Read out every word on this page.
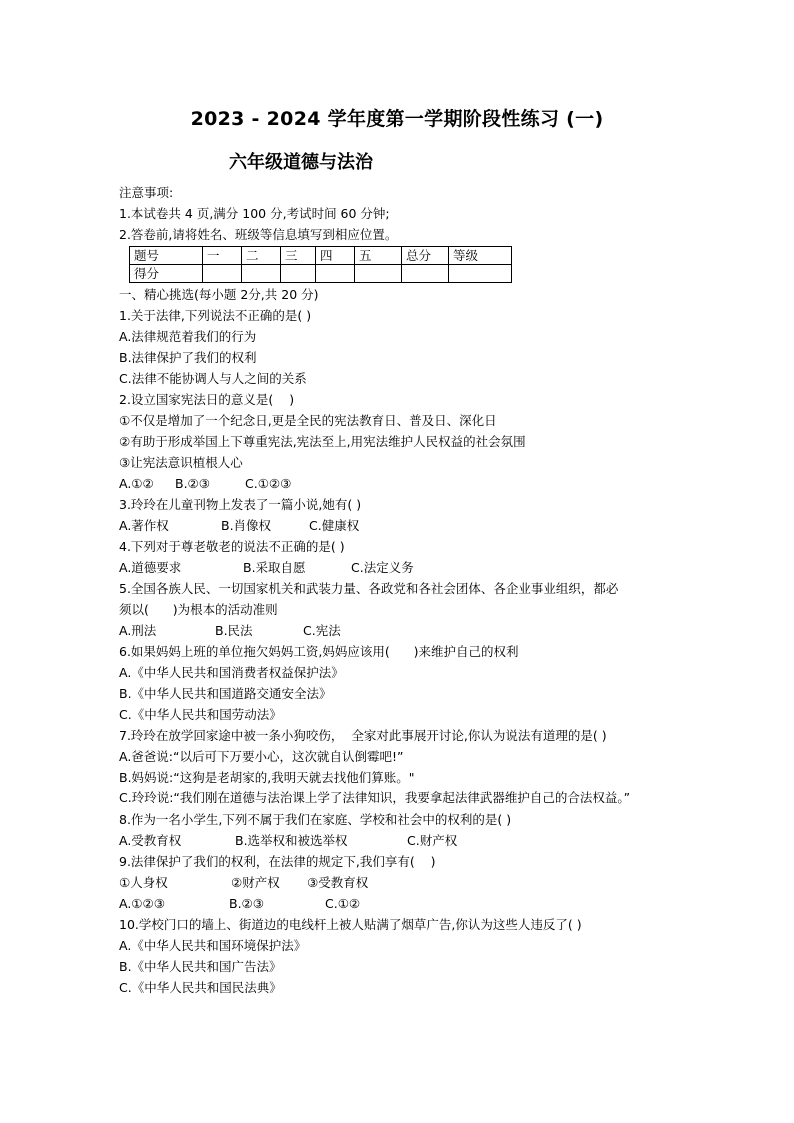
2023 - 2024 学年度第一学期阶段性练习 (一)
六年级道德与法治

注意事项:

1.本试卷共 4 页,满分 100 分,考试时间 60 分钟;

2.答卷前,请将姓名、班级等信息填写到相应位置。

题号	一	二	三	四	五	总分	等级
得分							

一、精心挑选(每小题 2分,共 20 分)

1.关于法律,下列说法不正确的是( )

A.法律规范着我们的行为

B.法律保护了我们的权利

C.法律不能协调人与人之间的关系

2.设立国家宪法日的意义是(    )

①不仅是增加了一个纪念日,更是全民的宪法教育日、普及日、深化日

②有助于形成举国上下尊重宪法,宪法至上,用宪法维护人民权益的社会氛围

③让宪法意识植根人心

A.①②	B.②③	C.①②③

3.玲玲在儿童刊物上发表了一篇小说,她有( )

A.著作权	B.肖像权	C.健康权

4.下列对于尊老敬老的说法不正确的是( )

A.道德要求	B.采取自愿	C.法定义务

5.全国各族人民、一切国家机关和武装力量、各政党和各社会团体、各企业事业组织，都必

须以(      )为根本的活动准则

A.刑法	B.民法	C.宪法

6.如果妈妈上班的单位拖欠妈妈工资,妈妈应该用(      )来维护自己的权利

A.《中华人民共和国消费者权益保护法》

B.《中华人民共和国道路交通安全法》

C.《中华人民共和国劳动法》

7.玲玲在放学回家途中被一条小狗咬伤，  全家对此事展开讨论,你认为说法有道理的是( )

A.爸爸说:“以后可下万要小心，这次就自认倒霉吧!”

B.妈妈说:“这狗是老胡家的,我明天就去找他们算账。"

C.玲玲说:“我们刚在道德与法治课上学了法律知识，我要拿起法律武器维护自己的合法权益。”

8.作为一名小学生,下列不属于我们在家庭、学校和社会中的权利的是( )

A.受教育权	B.选举权和被选举权	C.财产权

9.法律保护了我们的权利，在法律的规定下,我们享有(    )

①人身权	②财产权	③受教育权
A.①②③	B.②③	C.①②

10.学校门口的墙上、街道边的电线杆上被人贴满了烟草广告,你认为这些人违反了( )

A.《中华人民共和国环境保护法》

B.《中华人民共和国广告法》

C.《中华人民共和国民法典》
